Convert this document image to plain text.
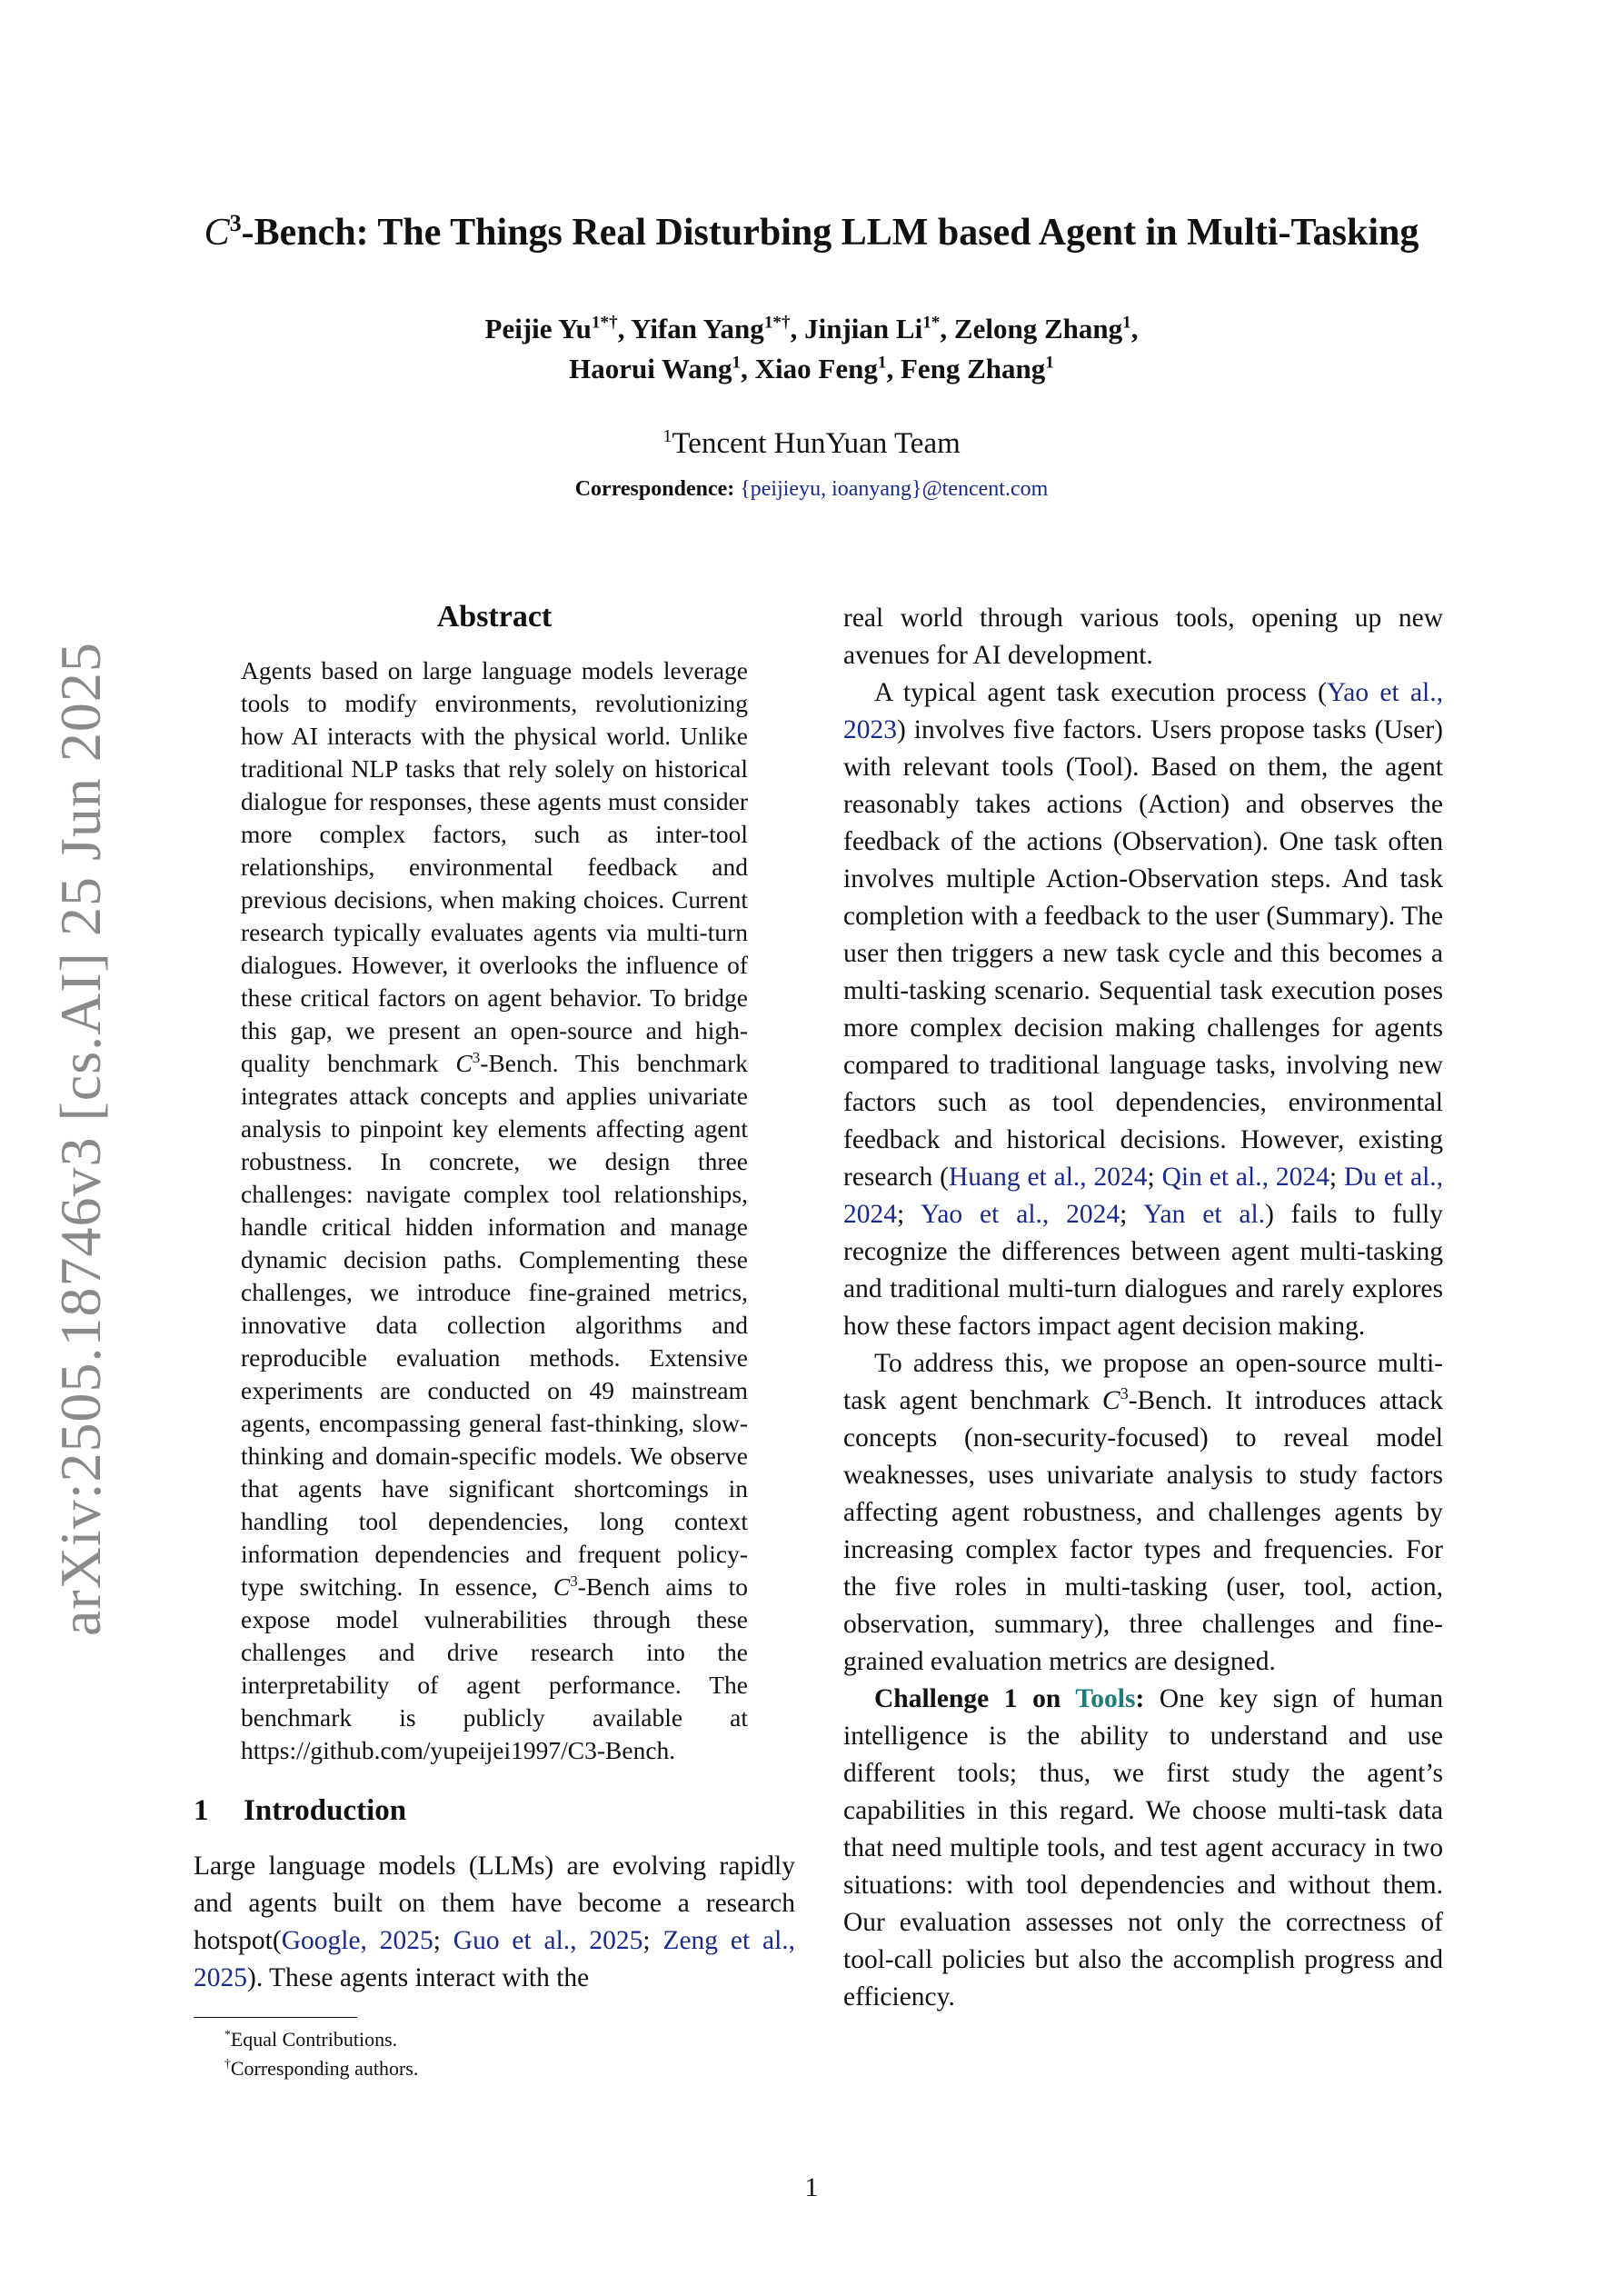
arXiv:2505.18746v3 [cs.AI] 25 Jun 2025
$C^3$-Bench: The Things Real Disturbing LLM based Agent in Multi-Tasking
Peijie $Yu^{1*\dagger}$, Yifan Yang$^{1*\dagger}$, Jinjian $Li^{1*}$, Zelong Zhang$^1$,
Haorui Wang$^1$, Xiao Feng$^1$, Feng Zhang$^1$
$^1$Tencent HunYuan Team
Correspondence: {peijieyu, ioanyang}@tencent.com
Abstract

Agents based on large language models leverage tools to modify environments, revolutionizing how AI interacts with the physical world. Unlike traditional NLP tasks that rely solely on historical dialogue for responses, these agents must consider more complex factors, such as inter-tool relationships, environmental feedback and previous decisions, when making choices. Current research typically evaluates agents via multi-turn dialogues. However, it overlooks the influence of these critical factors on agent behavior. To bridge this gap, we present an open-source and high-quality benchmark $C^3$-Bench. This benchmark integrates attack concepts and applies univariate analysis to pinpoint key elements affecting agent robustness. In concrete, we design three challenges: navigate complex tool relationships, handle critical hidden information and manage dynamic decision paths. Complementing these challenges, we introduce fine-grained metrics, innovative data collection algorithms and reproducible evaluation methods. Extensive experiments are conducted on 49 mainstream agents, encompassing general fast-thinking, slow-thinking and domain-specific models. We observe that agents have significant shortcomings in handling tool dependencies, long context information dependencies and frequent policy-type switching. In essence, $C^3$-Bench aims to expose model vulnerabilities through these challenges and drive research into the interpretability of agent performance. The benchmark is publicly available at https://github.com/yupeijei1997/C3-Bench.

1 Introduction

Large language models (LLMs) are evolving rapidly and agents built on them have become a research hotspot(Google, 2025; Guo et al., 2025; Zeng et al., 2025). These agents interact with the

*Equal Contributions.
†Corresponding authors.

real world through various tools, opening up new avenues for AI development.

A typical agent task execution process (Yao et al., 2023) involves five factors. Users propose tasks (User) with relevant tools (Tool). Based on them, the agent reasonably takes actions (Action) and observes the feedback of the actions (Observation). One task often involves multiple Action-Observation steps. And task completion with a feedback to the user (Summary). The user then triggers a new task cycle and this becomes a multi-tasking scenario. Sequential task execution poses more complex decision making challenges for agents compared to traditional language tasks, involving new factors such as tool dependencies, environmental feedback and historical decisions. However, existing research (Huang et al., 2024; Qin et al., 2024; Du et al., 2024; Yao et al., 2024; Yan et al.) fails to fully recognize the differences between agent multi-tasking and traditional multi-turn dialogues and rarely explores how these factors impact agent decision making.

To address this, we propose an open-source multi-task agent benchmark $C^3$-Bench. It introduces attack concepts (non-security-focused) to reveal model weaknesses, uses univariate analysis to study factors affecting agent robustness, and challenges agents by increasing complex factor types and frequencies. For the five roles in multi-tasking (user, tool, action, observation, summary), three challenges and fine-grained evaluation metrics are designed.

Challenge 1 on Tools: One key sign of human intelligence is the ability to understand and use different tools; thus, we first study the agent’s capabilities in this regard. We choose multi-task data that need multiple tools, and test agent accuracy in two situations: with tool dependencies and without them. Our evaluation assesses not only the correctness of tool-call policies but also the accomplish progress and efficiency.

1
